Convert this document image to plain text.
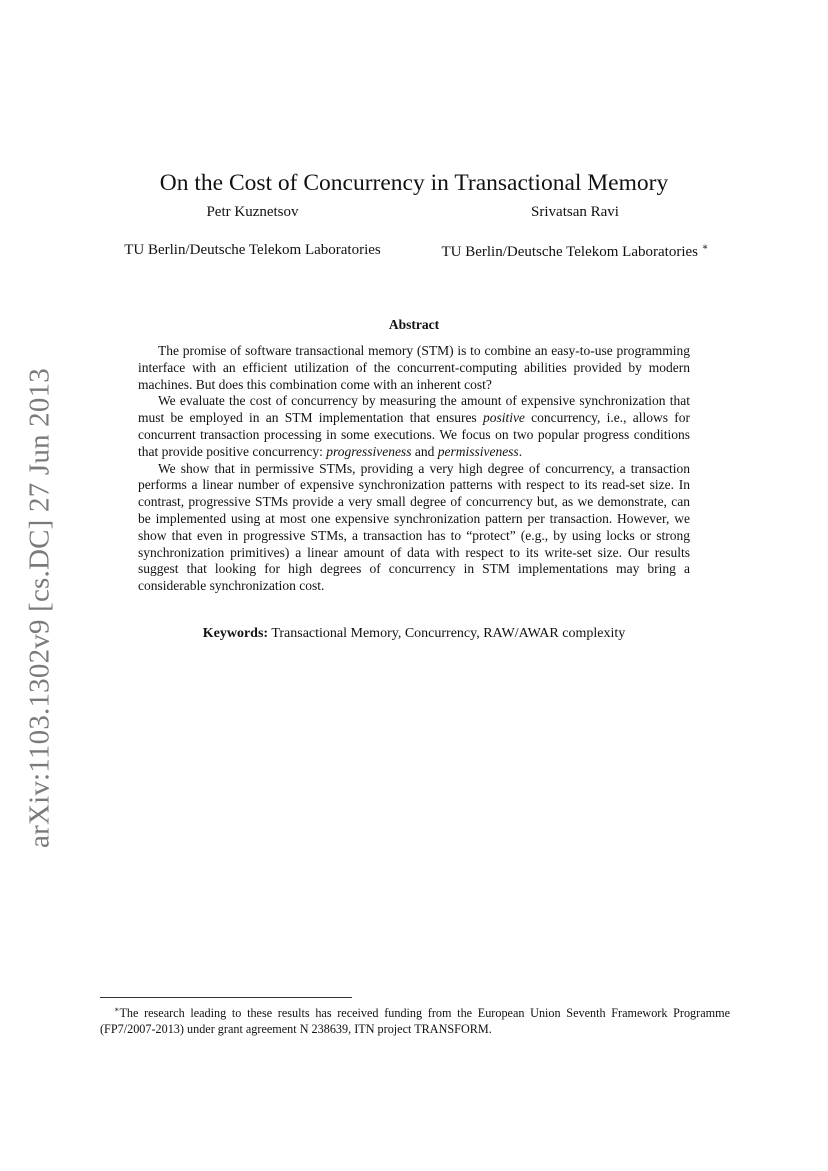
arXiv:1103.1302v9 [cs.DC] 27 Jun 2013
On the Cost of Concurrency in Transactional Memory
Petr Kuznetsov
TU Berlin/Deutsche Telekom Laboratories
Srivatsan Ravi
TU Berlin/Deutsche Telekom Laboratories ∗
Abstract

The promise of software transactional memory (STM) is to combine an easy-to-use programming interface with an efficient utilization of the concurrent-computing abilities provided by modern machines. But does this combination come with an inherent cost?

We evaluate the cost of concurrency by measuring the amount of expensive synchronization that must be employed in an STM implementation that ensures positive concurrency, i.e., allows for concurrent transaction processing in some executions. We focus on two popular progress conditions that provide positive concurrency: progressiveness and permissiveness.

We show that in permissive STMs, providing a very high degree of concurrency, a transaction performs a linear number of expensive synchronization patterns with respect to its read-set size. In contrast, progressive STMs provide a very small degree of concurrency but, as we demonstrate, can be implemented using at most one expensive synchronization pattern per transaction. However, we show that even in progressive STMs, a transaction has to “protect” (e.g., by using locks or strong synchronization primitives) a linear amount of data with respect to its write-set size. Our results suggest that looking for high degrees of concurrency in STM implementations may bring a considerable synchronization cost.

Keywords: Transactional Memory, Concurrency, RAW/AWAR complexity
∗The research leading to these results has received funding from the European Union Seventh Framework Programme (FP7/2007-2013) under grant agreement N 238639, ITN project TRANSFORM.
